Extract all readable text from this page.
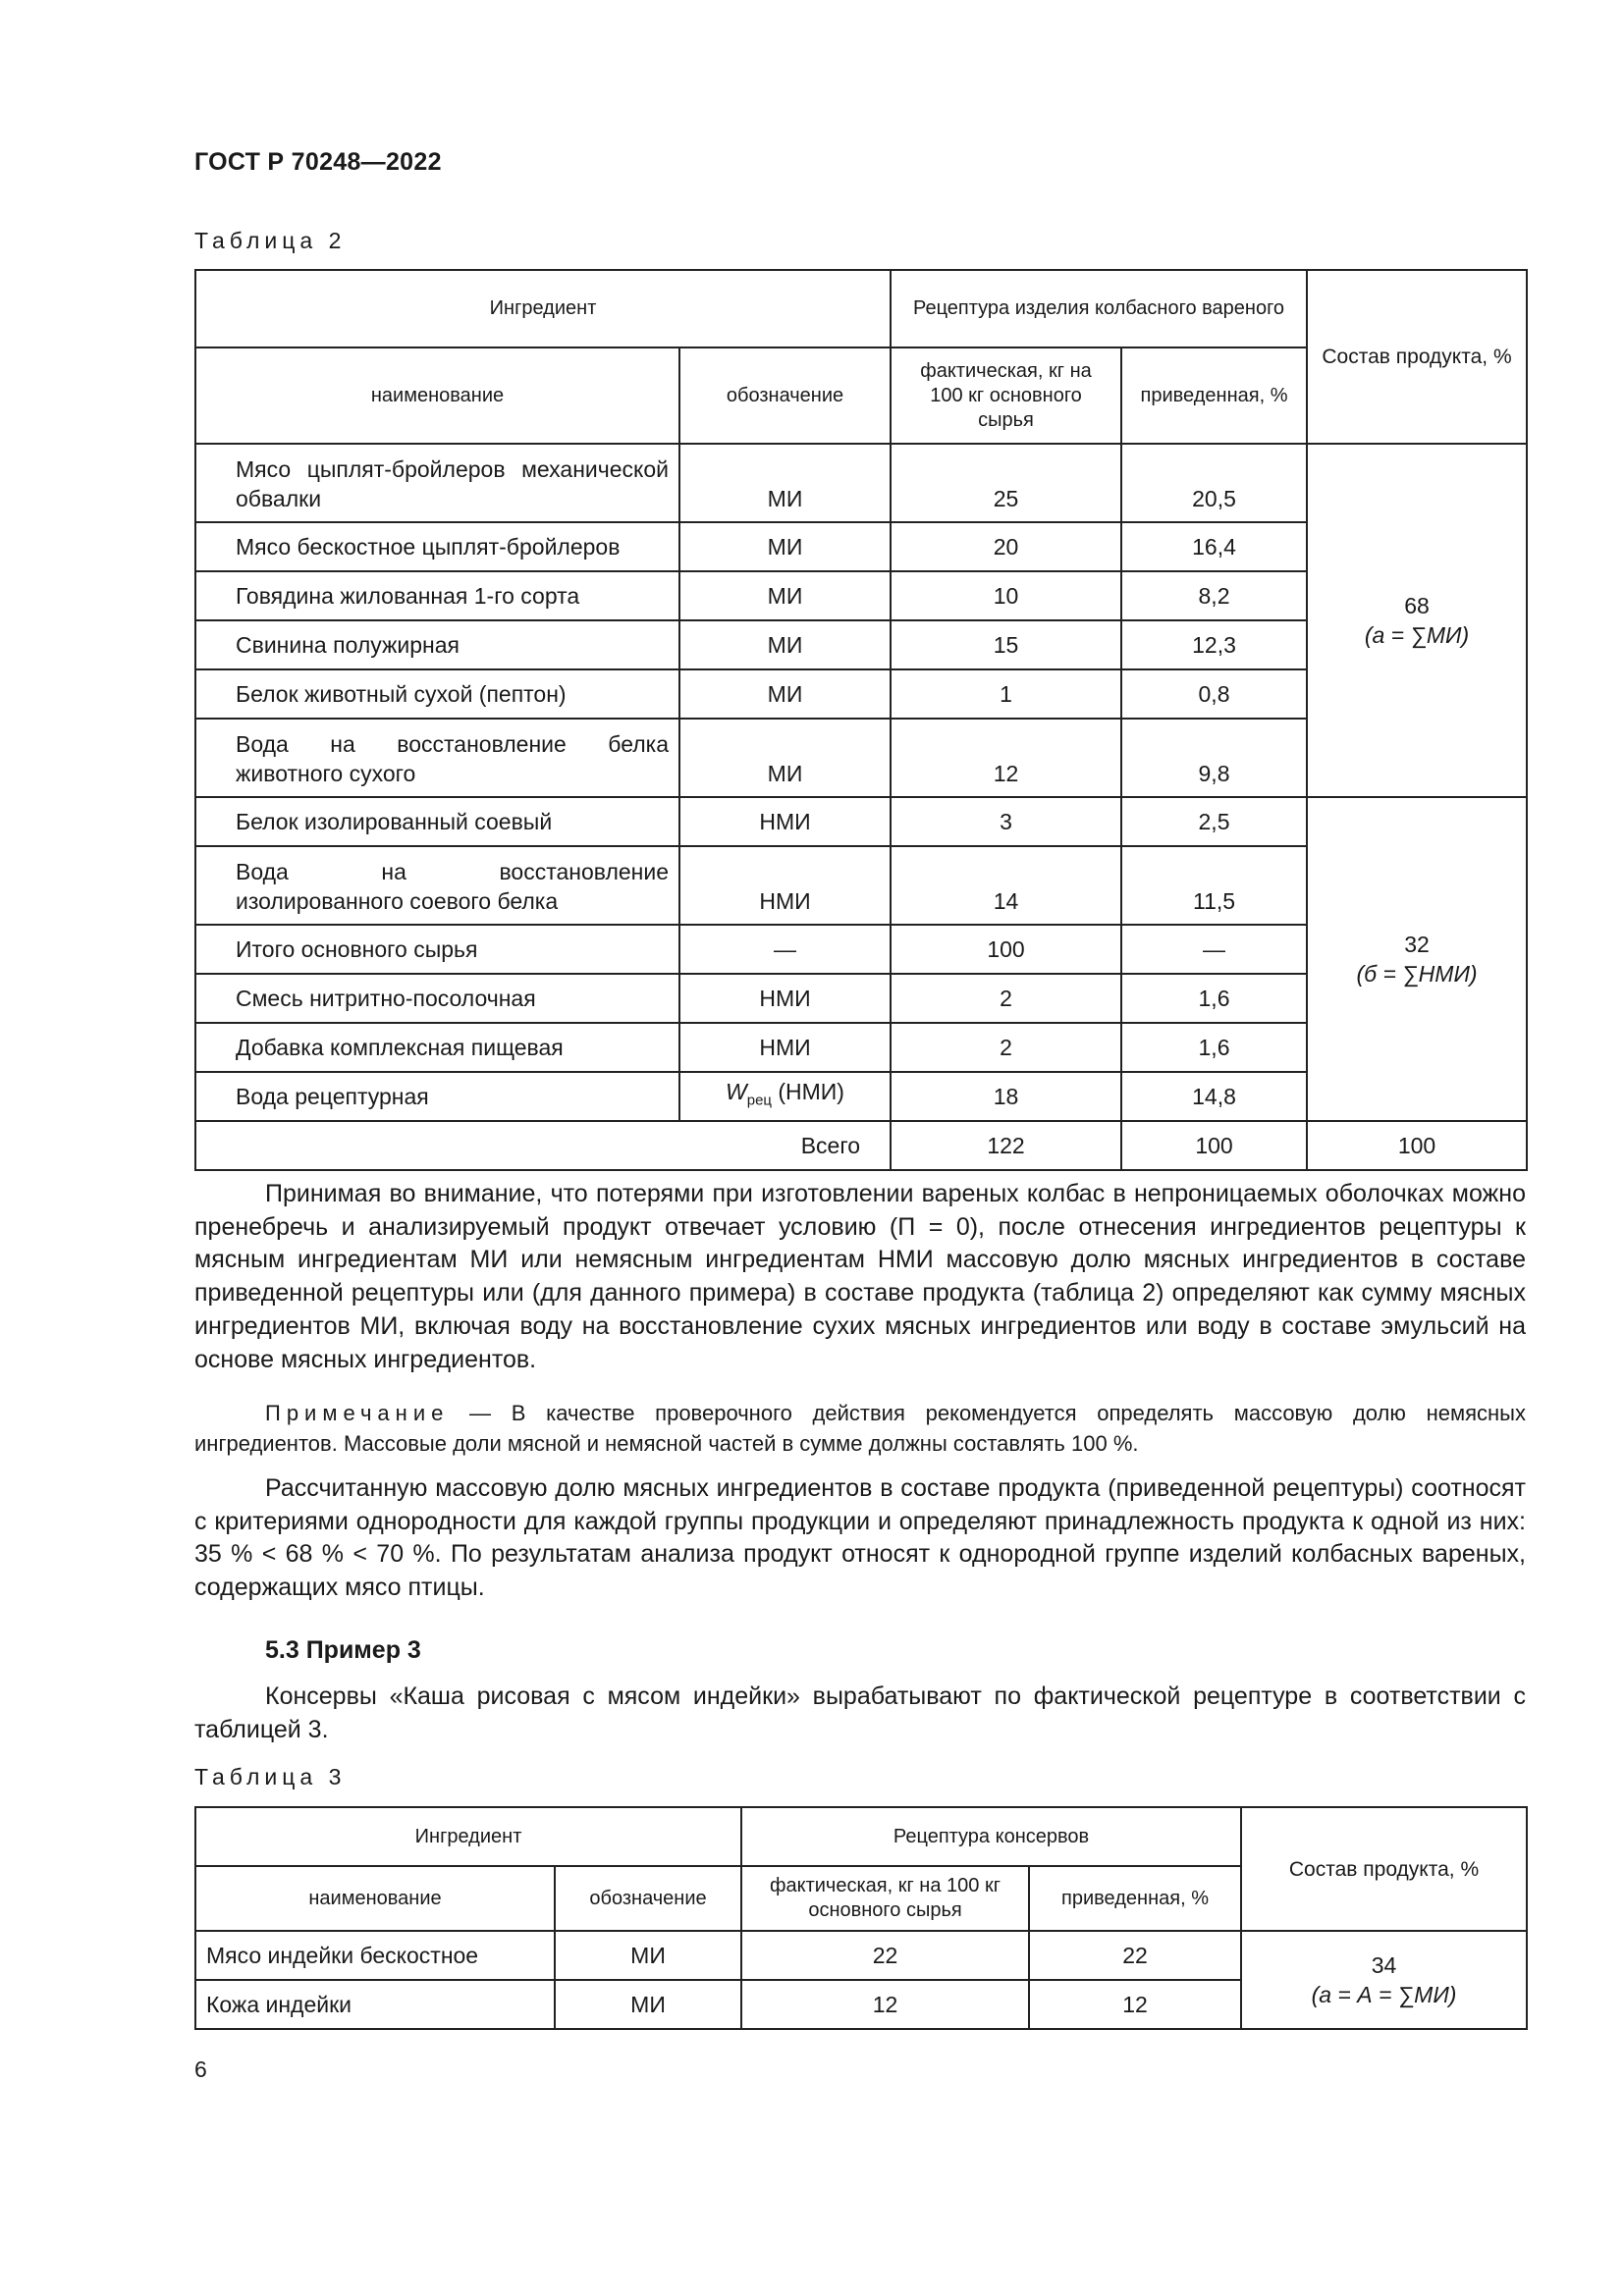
ГОСТ Р 70248—2022
Таблица 2
Ингредиент		Рецептура изделия колбасного вареного		Состав продукта, %
наименование	обозначение	фактическая, кг на 100 кг основного сырья	приведенная, %	
Мясо цыплят-бройлеров механической обвалки	МИ	25	20,5	68
(а = ∑МИ)

Мясо бескостное цыплят-бройлеров	МИ	20	16,4	
Говядина жилованная 1-го сорта	МИ	10	8,2	
Свинина полужирная	МИ	15	12,3	
Белок животный сухой (пептон)	МИ	1	0,8	
Вода на восстановление белка животного сухого	МИ	12	9,8	
Белок изолированный соевый	НМИ	3	2,5	32
(б = ∑НМИ)

Вода на восстановление изолированного соевого белка	НМИ	14	11,5	
Итого основного сырья	—	100	—	
Смесь нитритно-посолочная	НМИ	2	1,6	
Добавка комплексная пищевая	НМИ	2	1,6	
Вода рецептурная	$W_{рец}$ (НМИ)	18	14,8	
Всего		122	100	100
Принимая во внимание, что потерями при изготовлении вареных колбас в непроницаемых оболочках можно пренебречь и анализируемый продукт отвечает условию (П = 0), после отнесения ингредиентов рецептуры к мясным ингредиентам МИ или немясным ингредиентам НМИ массовую долю мясных ингредиентов в составе приведенной рецептуры или (для данного примера) в составе продукта (таблица 2) определяют как сумму мясных ингредиентов МИ, включая воду на восстановление сухих мясных ингредиентов или воду в составе эмульсий на основе мясных ингредиентов.
Примечание — В качестве проверочного действия рекомендуется определять массовую долю немясных ингредиентов. Массовые доли мясной и немясной частей в сумме должны составлять 100 %.
Рассчитанную массовую долю мясных ингредиентов в составе продукта (приведенной рецептуры) соотносят с критериями однородности для каждой группы продукции и определяют принадлежность продукта к одной из них: 35 % < 68 % < 70 %. По результатам анализа продукт относят к однородной группе изделий колбасных вареных, содержащих мясо птицы.
5.3 Пример 3
Консервы «Каша рисовая с мясом индейки» вырабатывают по фактической рецептуре в соответствии с таблицей 3.
Таблица 3
Ингредиент		Рецептура консервов		Состав продукта, %
наименование	обозначение	фактическая, кг на 100 кг основного сырья	приведенная, %	
Мясо индейки бескостное	МИ	22	22	34
(а = А = ∑МИ)

Кожа индейки	МИ	12	12	
6
